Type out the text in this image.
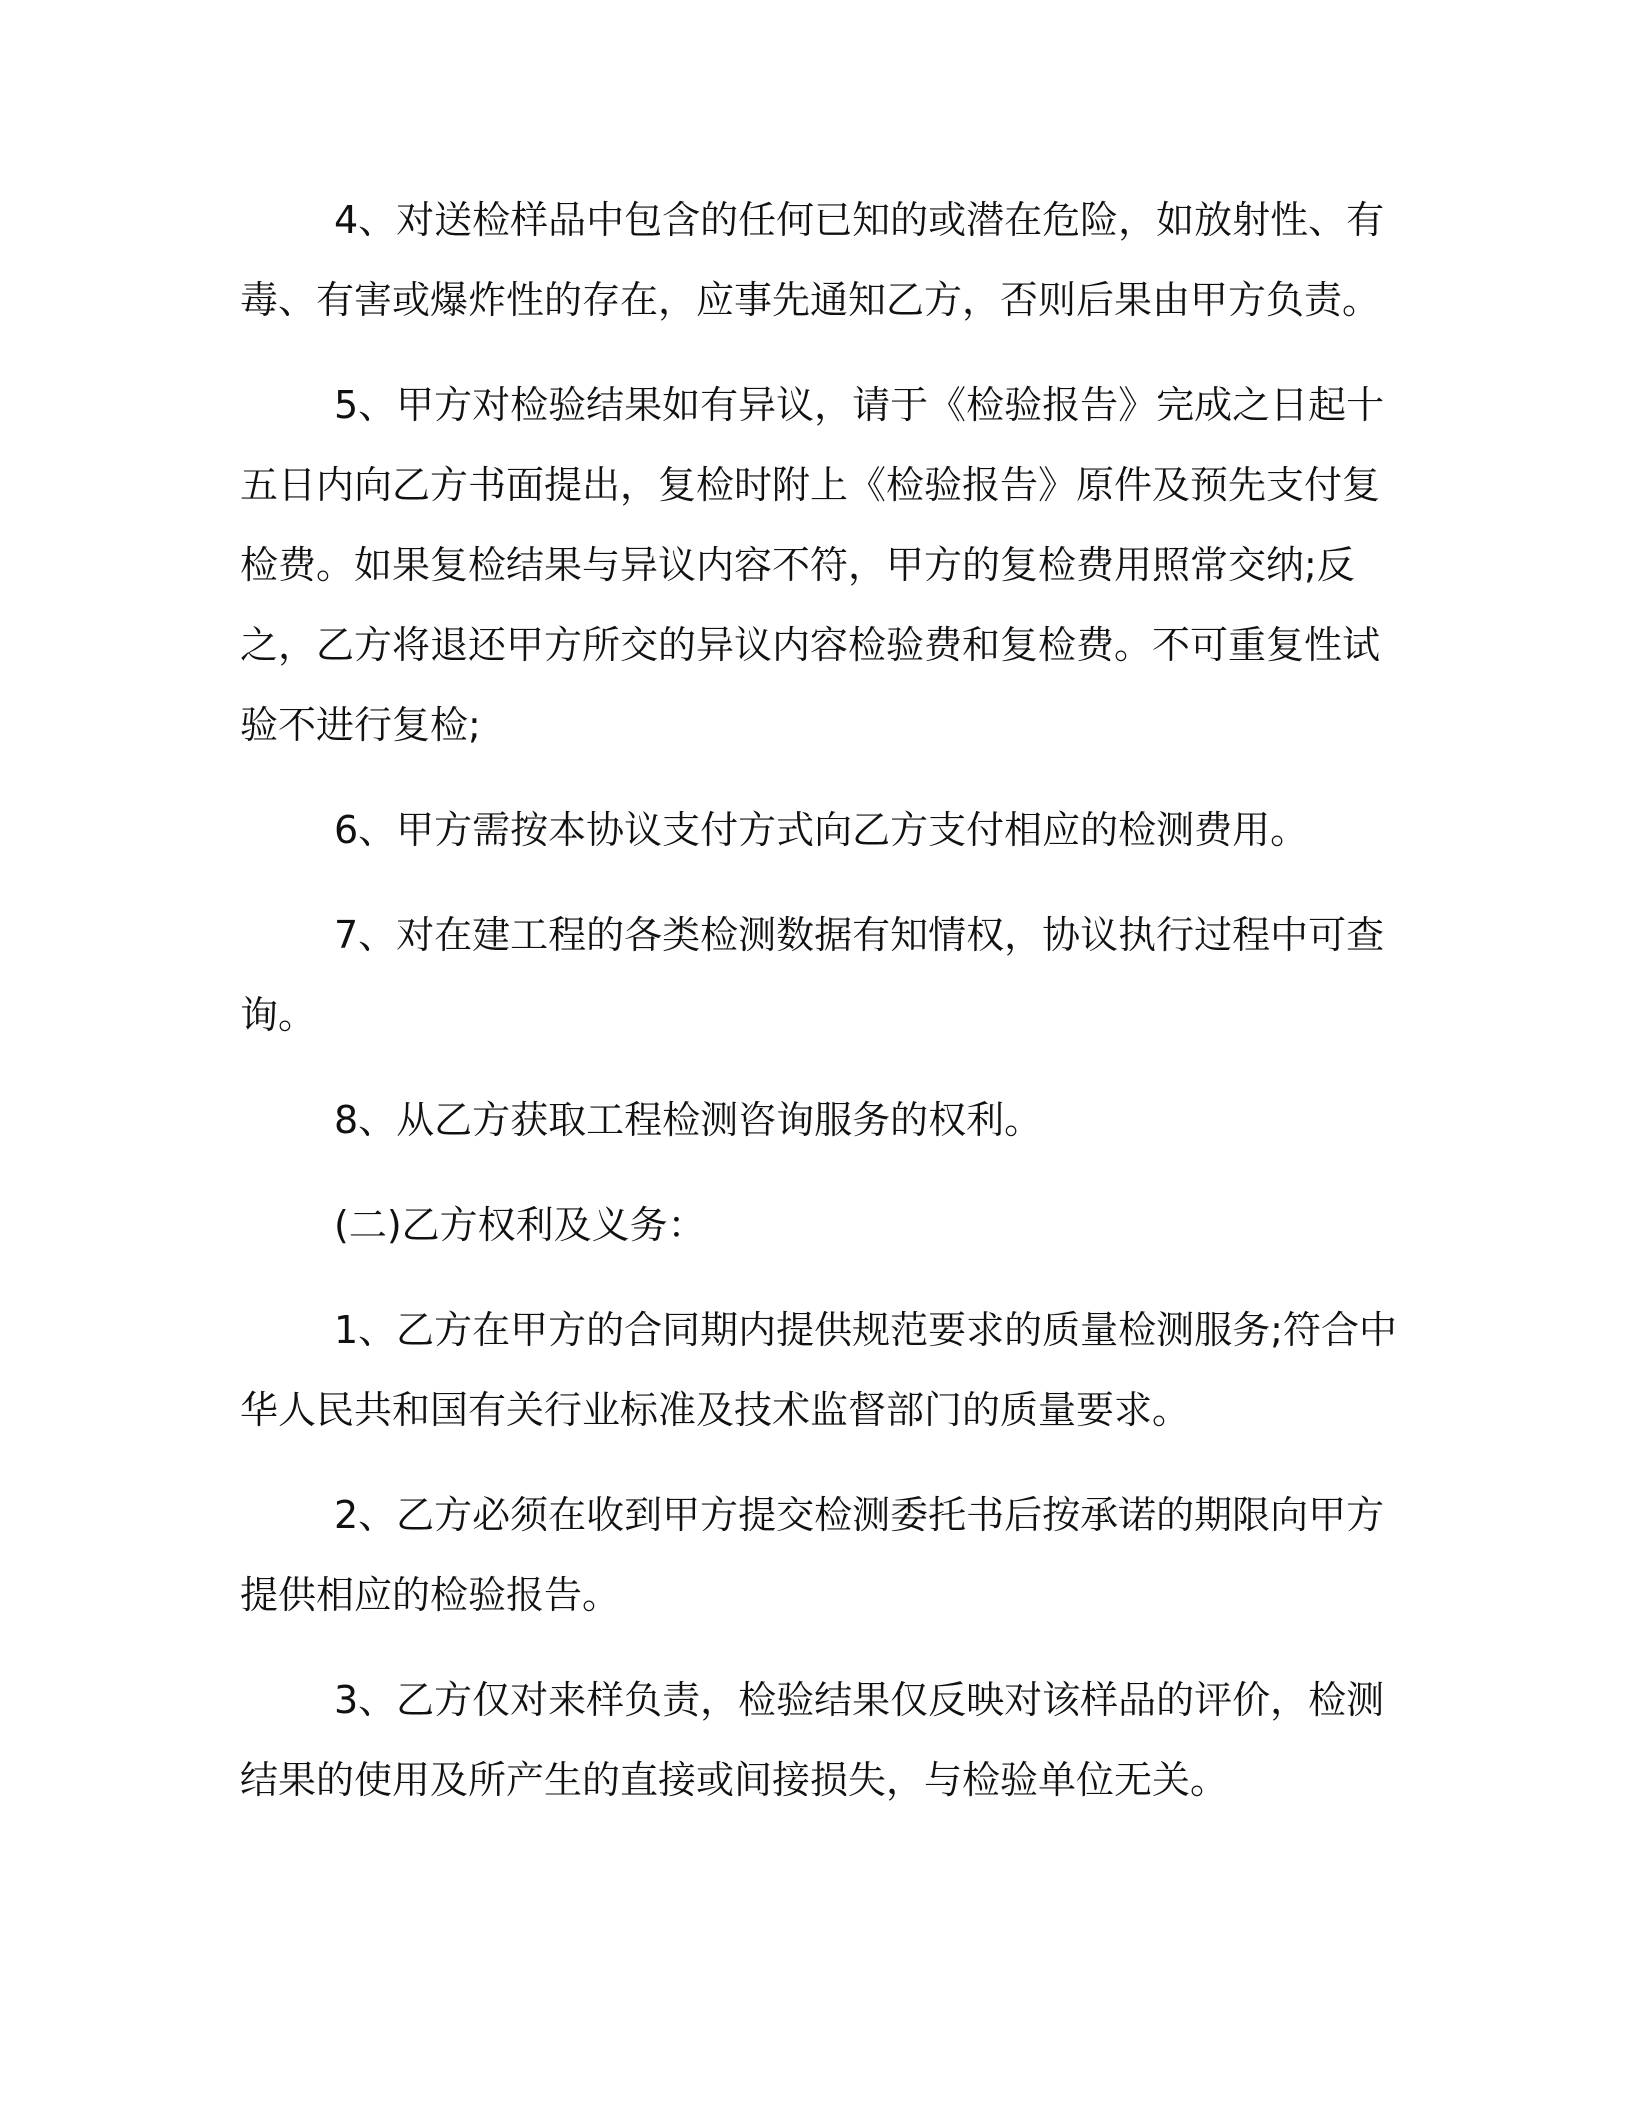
4、对送检样品中包含的任何已知的或潜在危险，如放射性、有毒、有害或爆炸性的存在，应事先通知乙方，否则后果由甲方负责。

5、甲方对检验结果如有异议，请于《检验报告》完成之日起十五日内向乙方书面提出，复检时附上《检验报告》原件及预先支付复检费。如果复检结果与异议内容不符，甲方的复检费用照常交纳;反之，乙方将退还甲方所交的异议内容检验费和复检费。不可重复性试验不进行复检;

6、甲方需按本协议支付方式向乙方支付相应的检测费用。

7、对在建工程的各类检测数据有知情权，协议执行过程中可查询。

8、从乙方获取工程检测咨询服务的权利。

(二)乙方权利及义务：

1、乙方在甲方的合同期内提供规范要求的质量检测服务;符合中华人民共和国有关行业标准及技术监督部门的质量要求。

2、乙方必须在收到甲方提交检测委托书后按承诺的期限向甲方提供相应的检验报告。

3、乙方仅对来样负责，检验结果仅反映对该样品的评价，检测结果的使用及所产生的直接或间接损失，与检验单位无关。
